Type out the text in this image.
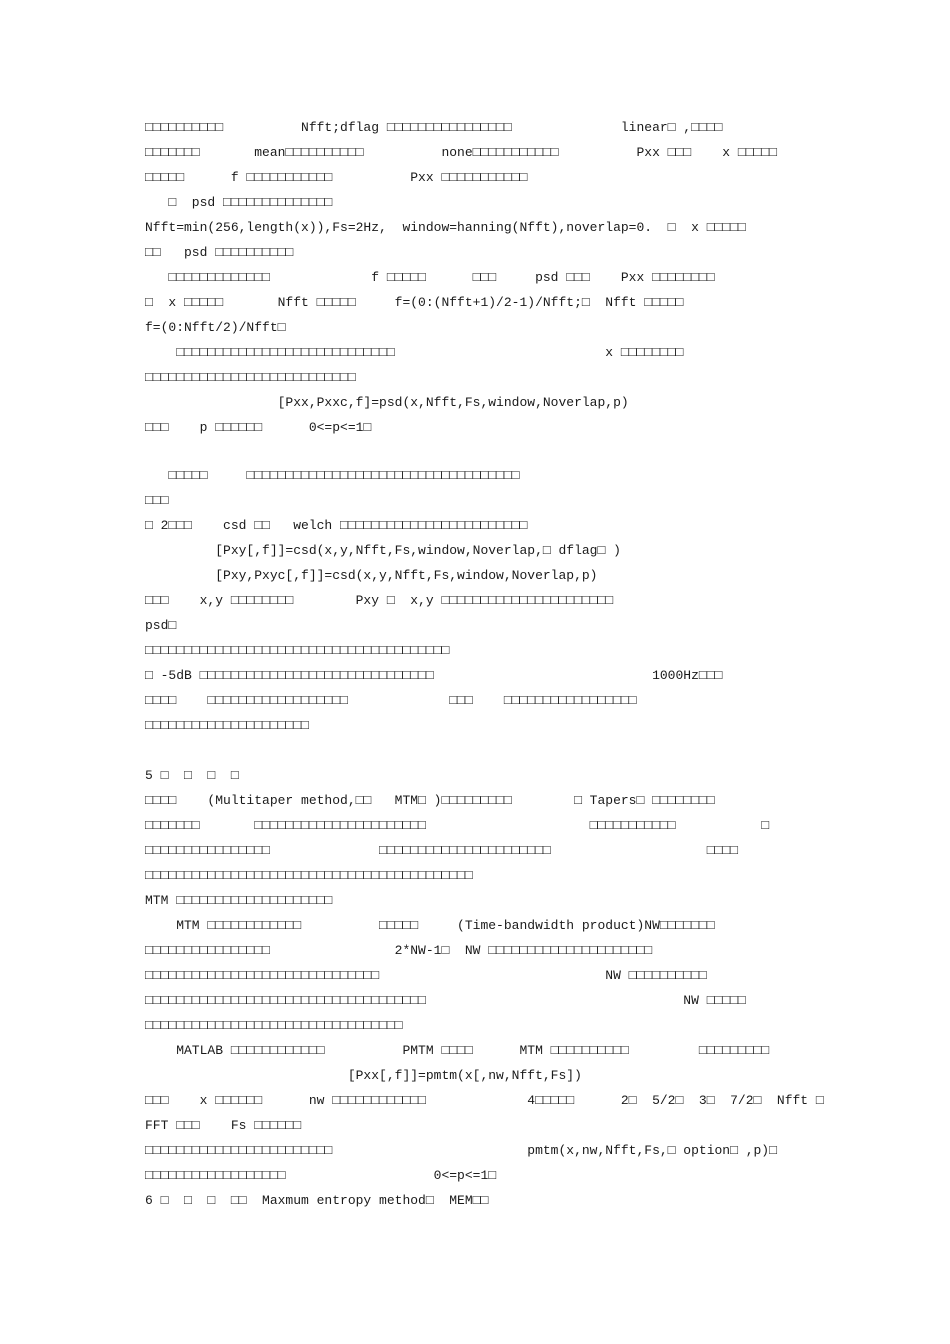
□□□□□□□□□□          Nfft;dflag □□□□□□□□□□□□□□□□              linear□ ,□□□□
□□□□□□□       mean□□□□□□□□□□          none□□□□□□□□□□□          Pxx □□□    x □□□□□
□□□□□      f □□□□□□□□□□□          Pxx □□□□□□□□□□□
□  psd □□□□□□□□□□□□□□
Nfft=min(256,length(x)),Fs=2Hz,  window=hanning(Nfft),noverlap=0.  □  x □□□□□
□□   psd □□□□□□□□□□
□□□□□□□□□□□□□             f □□□□□      □□□     psd □□□    Pxx □□□□□□□□
□  x □□□□□       Nfft □□□□□     f=(0:(Nfft+1)/2-1)/Nfft;□  Nfft □□□□□
f=(0:Nfft/2)/Nfft□
□□□□□□□□□□□□□□□□□□□□□□□□□□□□                           x □□□□□□□□
□□□□□□□□□□□□□□□□□□□□□□□□□□□
[Pxx,Pxxc,f]=psd(x,Nfft,Fs,window,Noverlap,p)
□□□    p □□□□□□      0<=p<=1□
□□□□□     □□□□□□□□□□□□□□□□□□□□□□□□□□□□□□□□□□□
□□□
□ 2□□□    csd □□   welch □□□□□□□□□□□□□□□□□□□□□□□□
[Pxy[,f]]=csd(x,y,Nfft,Fs,window,Noverlap,□ dflag□ )
[Pxy,Pxyc[,f]]=csd(x,y,Nfft,Fs,window,Noverlap,p)
□□□    x,y □□□□□□□□        Pxy □  x,y □□□□□□□□□□□□□□□□□□□□□□
psd□
□□□□□□□□□□□□□□□□□□□□□□□□□□□□□□□□□□□□□□□
□ -5dB □□□□□□□□□□□□□□□□□□□□□□□□□□□□□□                            1000Hz□□□
□□□□    □□□□□□□□□□□□□□□□□□             □□□    □□□□□□□□□□□□□□□□□
□□□□□□□□□□□□□□□□□□□□□
5 □  □  □  □
□□□□    (Multitaper method,□□   MTM□ )□□□□□□□□□        □ Tapers□ □□□□□□□□
□□□□□□□       □□□□□□□□□□□□□□□□□□□□□□                     □□□□□□□□□□□           □
□□□□□□□□□□□□□□□□              □□□□□□□□□□□□□□□□□□□□□□                    □□□□
□□□□□□□□□□□□□□□□□□□□□□□□□□□□□□□□□□□□□□□□□□
MTM □□□□□□□□□□□□□□□□□□□□
MTM □□□□□□□□□□□□          □□□□□     (Time-bandwidth product)NW□□□□□□□
□□□□□□□□□□□□□□□□                2*NW-1□  NW □□□□□□□□□□□□□□□□□□□□□
□□□□□□□□□□□□□□□□□□□□□□□□□□□□□□                             NW □□□□□□□□□□
□□□□□□□□□□□□□□□□□□□□□□□□□□□□□□□□□□□□                                 NW □□□□□
□□□□□□□□□□□□□□□□□□□□□□□□□□□□□□□□□
MATLAB □□□□□□□□□□□□          PMTM □□□□      MTM □□□□□□□□□□         □□□□□□□□□
[Pxx[,f]]=pmtm(x[,nw,Nfft,Fs])
□□□    x □□□□□□      nw □□□□□□□□□□□□             4□□□□□      2□  5/2□  3□  7/2□  Nfft □
FFT □□□    Fs □□□□□□
□□□□□□□□□□□□□□□□□□□□□□□□                         pmtm(x,nw,Nfft,Fs,□ option□ ,p)□
□□□□□□□□□□□□□□□□□□                   0<=p<=1□
6 □  □  □  □□  Maxmum entropy method□  MEM□□
